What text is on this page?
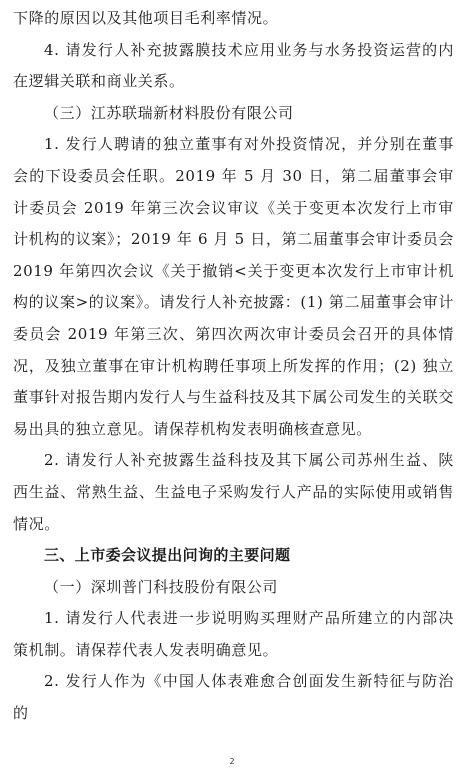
下降的原因以及其他项目毛利率情况。

4. 请发行人补充披露膜技术应用业务与水务投资运营的内在逻辑关联和商业关系。

（三）江苏联瑞新材料股份有限公司

1. 发行人聘请的独立董事有对外投资情况，并分别在董事会的下设委员会任职。2019 年 5 月 30 日，第二届董事会审计委员会 2019 年第三次会议审议《关于变更本次发行上市审计机构的议案》；2019 年 6 月 5 日，第二届董事会审计委员会 2019 年第四次会议《关于撤销<关于变更本次发行上市审计机构的议案>的议案》。请发行人补充披露：(1) 第二届董事会审计委员会 2019 年第三次、第四次两次审计委员会召开的具体情况，及独立董事在审计机构聘任事项上所发挥的作用；(2) 独立董事针对报告期内发行人与生益科技及其下属公司发生的关联交易出具的独立意见。请保荐机构发表明确核查意见。

2. 请发行人补充披露生益科技及其下属公司苏州生益、陕西生益、常熟生益、生益电子采购发行人产品的实际使用或销售情况。

三、上市委会议提出问询的主要问题

（一）深圳普门科技股份有限公司

1. 请发行人代表进一步说明购买理财产品所建立的内部决策机制。请保荐代表人发表明确意见。

2. 发行人作为《中国人体表难愈合创面发生新特征与防治的

2
